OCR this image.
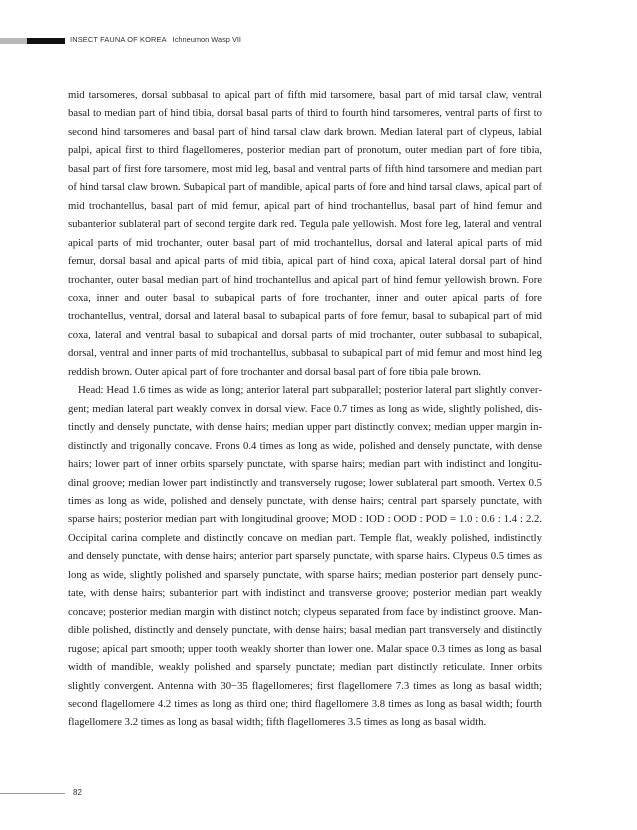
INSECT FAUNA OF KOREA Ichneumon Wasp VII

mid tarsomeres, dorsal subbasal to apical part of fifth mid tarsomere, basal part of mid tarsal claw, ventral basal to median part of hind tibia, dorsal basal parts of third to fourth hind tarsomeres, ventral parts of first to second hind tarsomeres and basal part of hind tarsal claw dark brown. Median lateral part of clypeus, labial palpi, apical first to third flagellomeres, posterior median part of pronotum, outer median part of fore tibia, basal part of first fore tarsomere, most mid leg, basal and ventral parts of fifth hind tarsomere and median part of hind tarsal claw brown. Subapical part of mandible, apical parts of fore and hind tarsal claws, apical part of mid trochantellus, basal part of mid femur, apical part of hind trochantellus, basal part of hind femur and subanterior sublateral part of second tergite dark red. Tegula pale yellowish. Most fore leg, lateral and ventral apical parts of mid trochanter, outer basal part of mid trochantellus, dorsal and lateral apical parts of mid femur, dorsal basal and apical parts of mid tibia, apical part of hind coxa, apical lateral dorsal part of hind trochanter, outer basal median part of hind trochantellus and apical part of hind femur yellowish brown. Fore coxa, inner and outer basal to subapical parts of fore trochanter, inner and outer apical parts of fore trochantellus, ventral, dorsal and lateral basal to subapical parts of fore femur, basal to subapical part of mid coxa, lateral and ventral basal to subapical and dorsal parts of mid trochanter, outer subbasal to subapical, dorsal, ventral and inner parts of mid trochantellus, subbasal to subapical part of mid femur and most hind leg reddish brown. Outer apical part of fore trochanter and dorsal basal part of fore tibia pale brown.

Head: Head 1.6 times as wide as long; anterior lateral part subparallel; posterior lateral part slightly convergent; median lateral part weakly convex in dorsal view. Face 0.7 times as long as wide, slightly polished, distinctly and densely punctate, with dense hairs; median upper part distinctly convex; median upper margin indistinctly and trigonally concave. Frons 0.4 times as long as wide, polished and densely punctate, with dense hairs; lower part of inner orbits sparsely punctate, with sparse hairs; median part with indistinct and longitudinal groove; median lower part indistinctly and transversely rugose; lower sublateral part smooth. Vertex 0.5 times as long as wide, polished and densely punctate, with dense hairs; central part sparsely punctate, with sparse hairs; posterior median part with longitudinal groove; MOD : IOD : OOD : POD = 1.0 : 0.6 : 1.4 : 2.2. Occipital carina complete and distinctly concave on median part. Temple flat, weakly polished, indistinctly and densely punctate, with dense hairs; anterior part sparsely punctate, with sparse hairs. Clypeus 0.5 times as long as wide, slightly polished and sparsely punctate, with sparse hairs; median posterior part densely punctate, with dense hairs; subanterior part with indistinct and transverse groove; posterior median part weakly concave; posterior median margin with distinct notch; clypeus separated from face by indistinct groove. Mandible polished, distinctly and densely punctate, with dense hairs; basal median part transversely and distinctly rugose; apical part smooth; upper tooth weakly shorter than lower one. Malar space 0.3 times as long as basal width of mandible, weakly polished and sparsely punctate; median part distinctly reticulate. Inner orbits slightly convergent. Antenna with 30−35 flagellomeres; first flagellomere 7.3 times as long as basal width; second flagellomere 4.2 times as long as third one; third flagellomere 3.8 times as long as basal width; fourth flagellomere 3.2 times as long as basal width; fifth flagellomeres 3.5 times as long as basal width.

82
